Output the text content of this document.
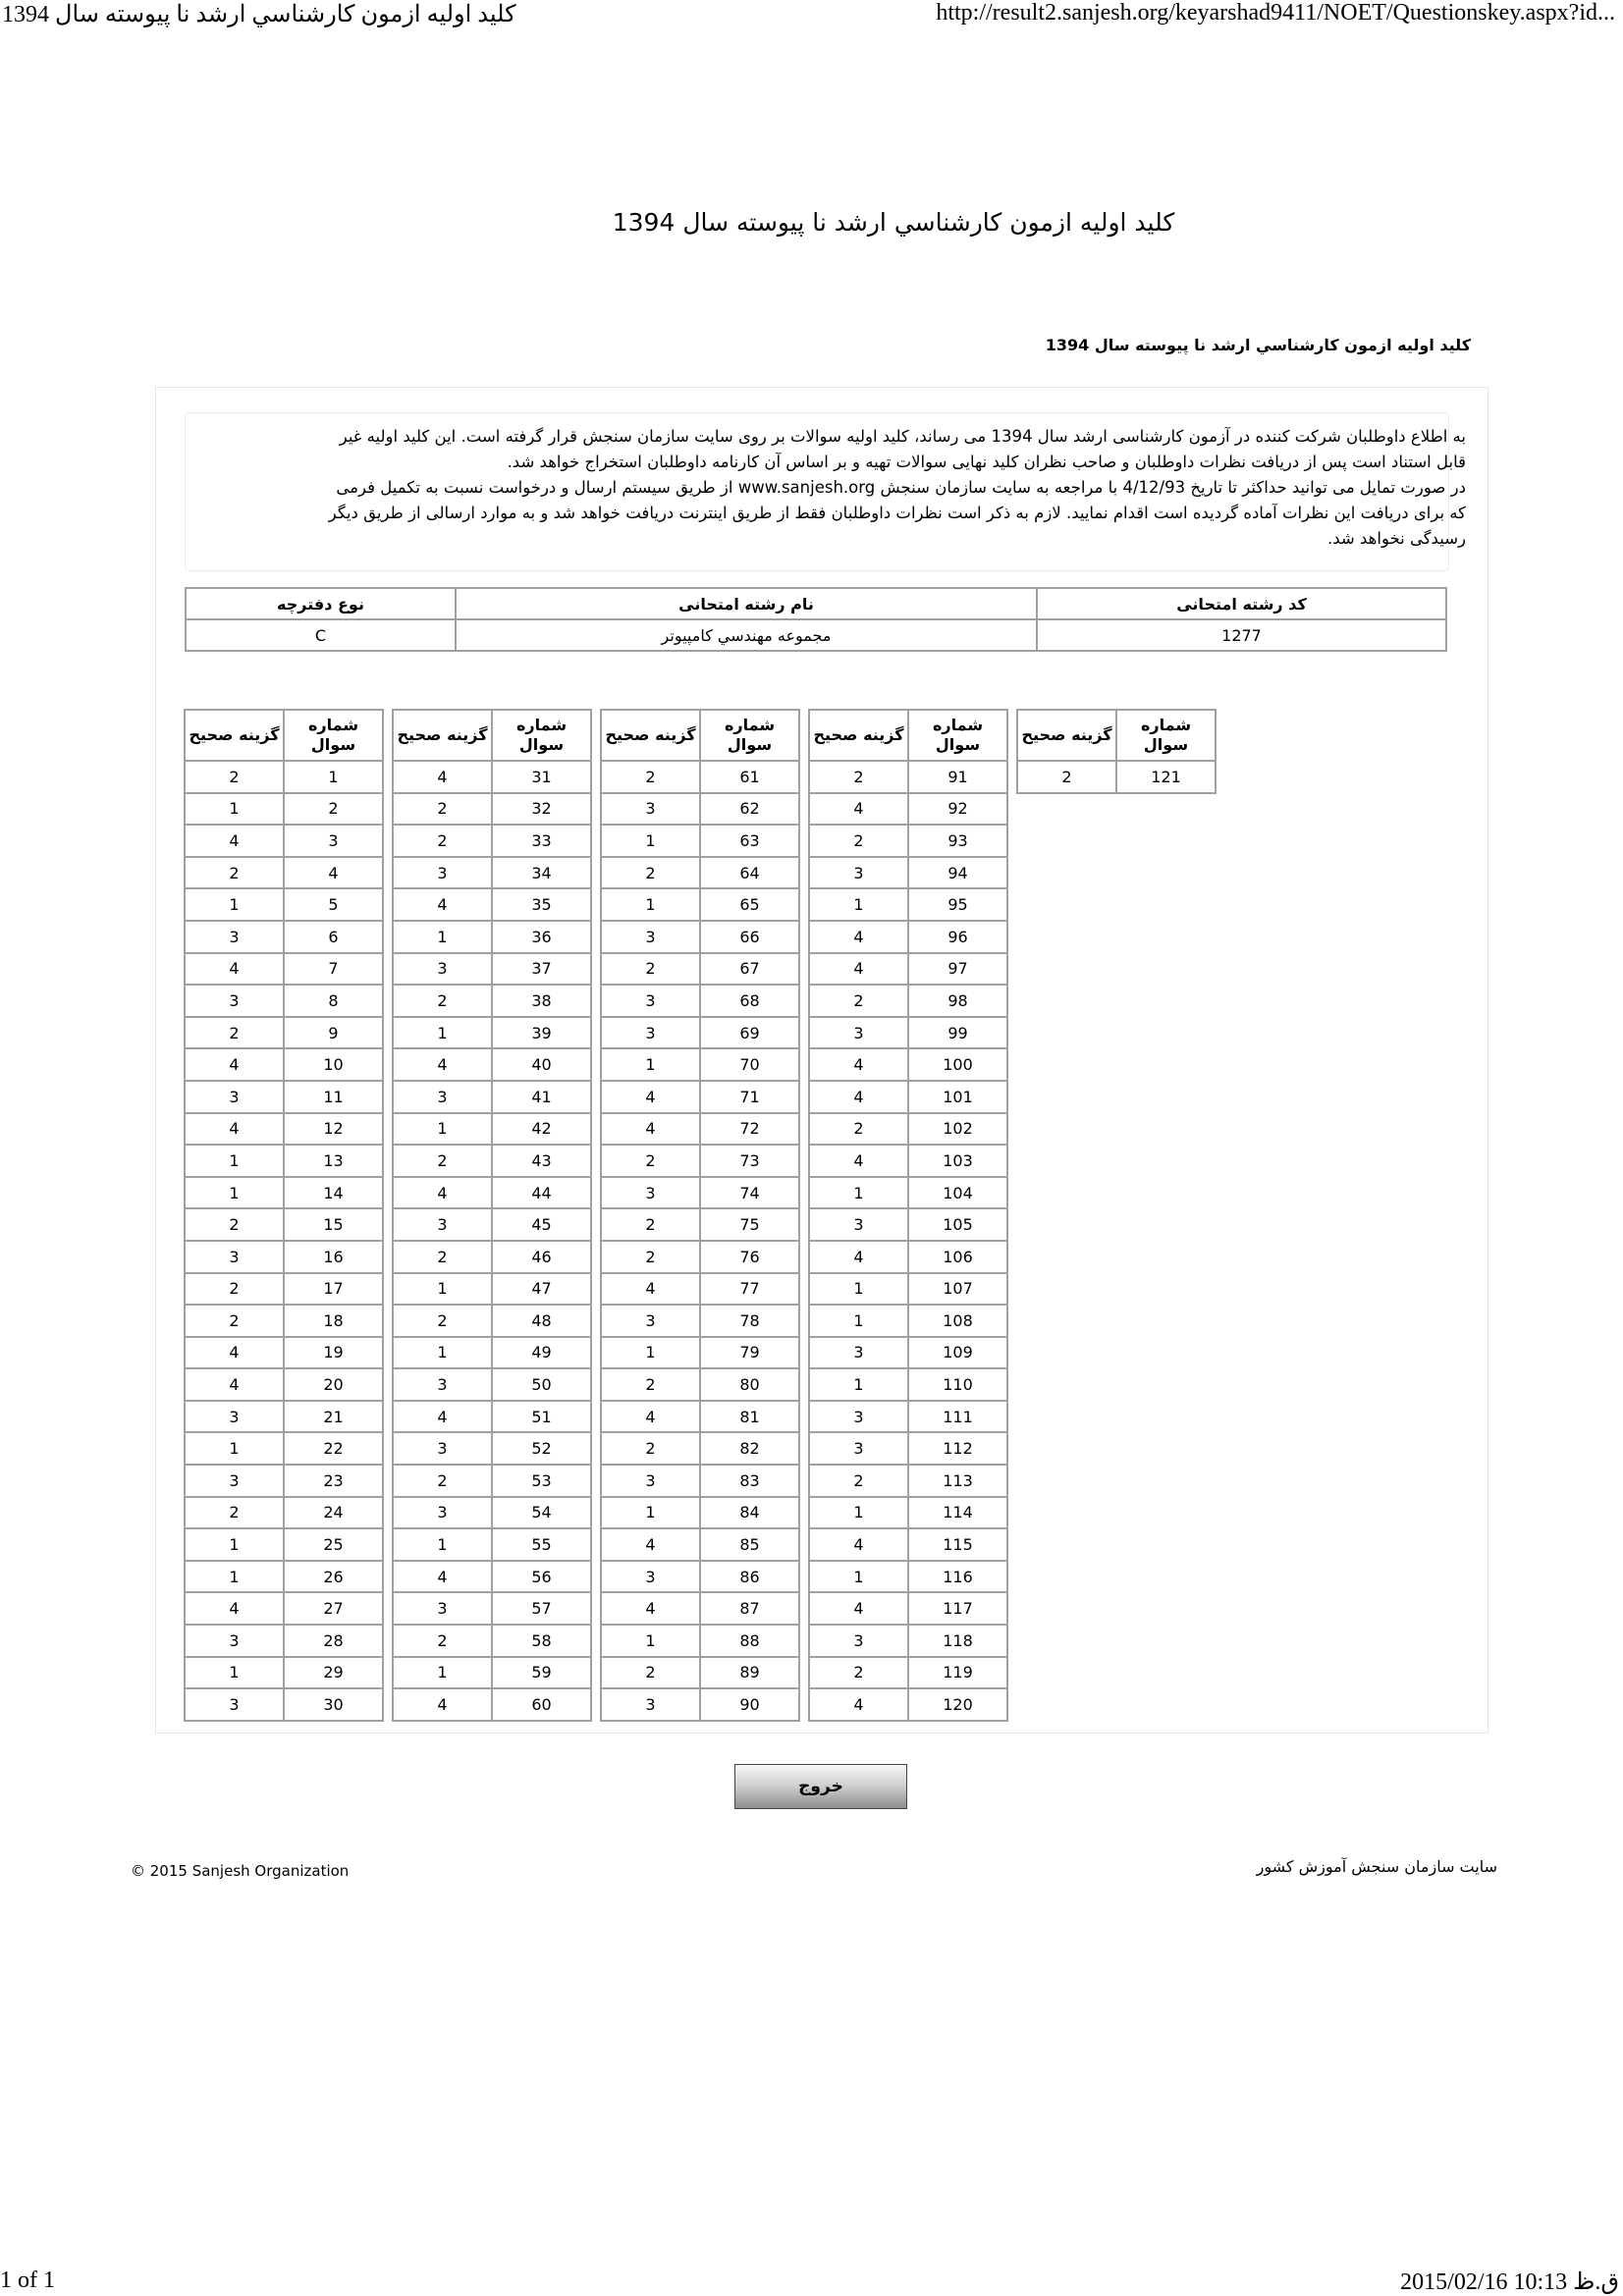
كليد اوليه ازمون كارشناسي ارشد نا پيوسته سال 1394	http://result2.sanjesh.org/keyarshad9411/NOET/Questionskey.aspx?id...
كليد اوليه ازمون كارشناسي ارشد نا پيوسته سال 1394
كليد اوليه ازمون كارشناسي ارشد نا پيوسته سال 1394

به اطلاع داوطلبان شرکت کننده در آزمون کارشناسی ارشد سال 1394 می رساند، کلید اولیه سوالات بر روی سایت سازمان سنجش قرار گرفته است. این کلید اولیه غیر قابل استناد است پس از دریافت نظرات داوطلبان و صاحب نظران کلید نهایی سوالات تهیه و بر اساس آن کارنامه داوطلبان استخراج خواهد شد.

در صورت تمایل می توانید حداکثر تا تاریخ 4/12/93 با مراجعه به سایت سازمان سنجش www.sanjesh.org از طریق سیستم ارسال و درخواست نسبت به تکمیل فرمی که برای دریافت این نظرات آماده گردیده است اقدام نمایید. لازم به ذکر است نظرات داوطلبان فقط از طریق اینترنت دریافت خواهد شد و به موارد ارسالی از طریق دیگر رسیدگی نخواهد شد.

کد رشته امتحانی	نام رشته امتحانی	نوع دفترچه
1277	مجموعه مهندسي كامپيوتر	C
شماره سوال	گزینه صحیح
1	2
2	1
3	4
4	2
5	1
6	3
7	4
8	3
9	2
10	4
11	3
12	4
13	1
14	1
15	2
16	3
17	2
18	2
19	4
20	4
21	3
22	1
23	3
24	2
25	1
26	1
27	4
28	3
29	1
30	3
شماره سوال	گزینه صحیح
31	4
32	2
33	2
34	3
35	4
36	1
37	3
38	2
39	1
40	4
41	3
42	1
43	2
44	4
45	3
46	2
47	1
48	2
49	1
50	3
51	4
52	3
53	2
54	3
55	1
56	4
57	3
58	2
59	1
60	4
شماره سوال	گزینه صحیح
61	2
62	3
63	1
64	2
65	1
66	3
67	2
68	3
69	3
70	1
71	4
72	4
73	2
74	3
75	2
76	2
77	4
78	3
79	1
80	2
81	4
82	2
83	3
84	1
85	4
86	3
87	4
88	1
89	2
90	3
شماره سوال	گزینه صحیح
91	2
92	4
93	2
94	3
95	1
96	4
97	4
98	2
99	3
100	4
101	4
102	2
103	4
104	1
105	3
106	4
107	1
108	1
109	3
110	1
111	3
112	3
113	2
114	1
115	4
116	1
117	4
118	3
119	2
120	4
شماره سوال	گزینه صحیح
121	2
خروج
© 2015 Sanjesh Organization	سایت سازمان سنجش آموزش کشور
1 of 1	2015/02/16 10:13 ق.ظ
